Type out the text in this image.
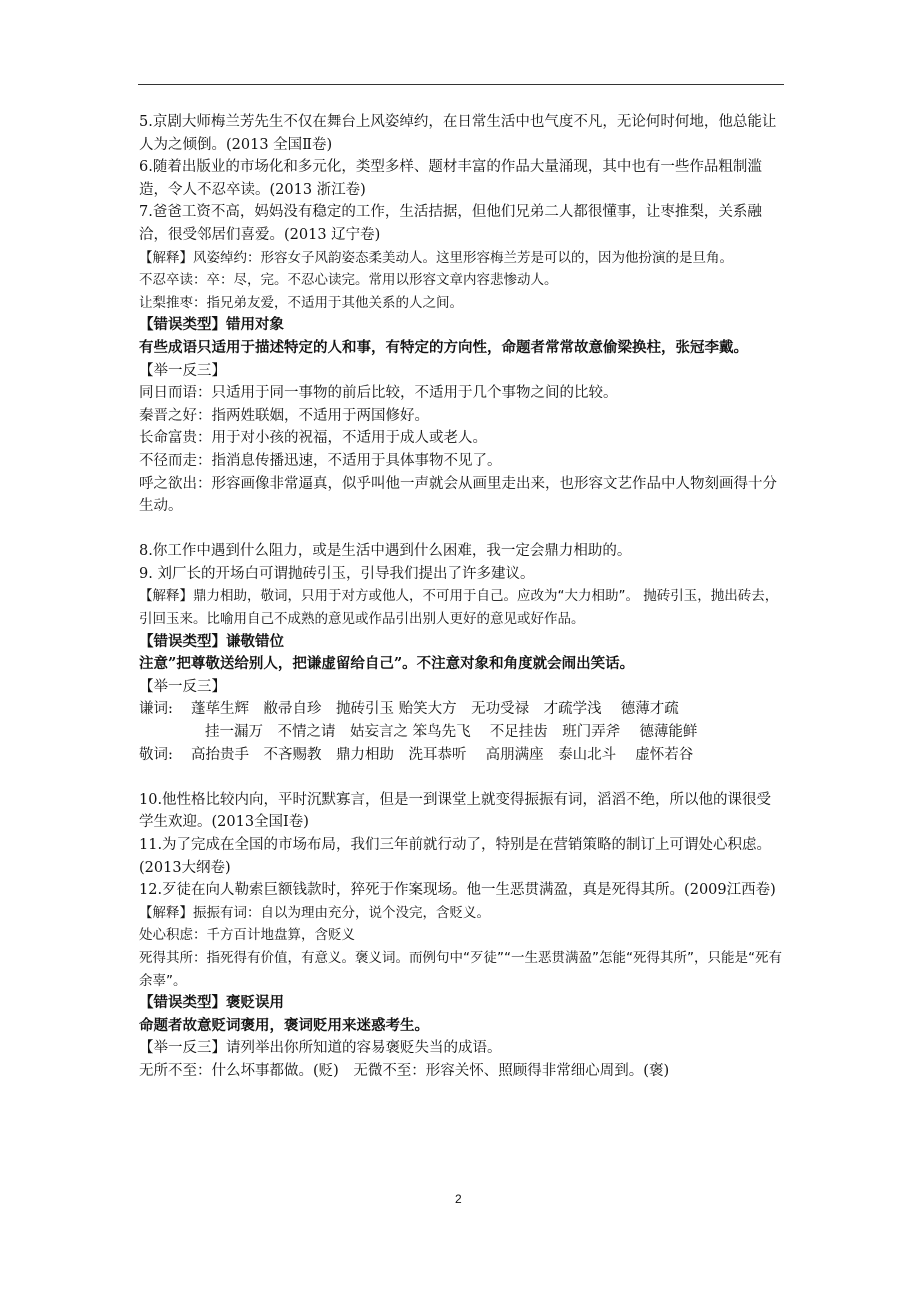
5.京剧大师梅兰芳先生不仅在舞台上风姿绰约，在日常生活中也气度不凡，无论何时何地，他总能让人为之倾倒。(2013 全国Ⅱ卷)

6.随着出版业的市场化和多元化，类型多样、题材丰富的作品大量涌现，其中也有一些作品粗制滥造，令人不忍卒读。(2013 浙江卷)

7.爸爸工资不高，妈妈没有稳定的工作，生活拮据，但他们兄弟二人都很懂事，让枣推梨，关系融洽，很受邻居们喜爱。(2013 辽宁卷)

【解释】风姿绰约：形容女子风韵姿态柔美动人。这里形容梅兰芳是可以的，因为他扮演的是旦角。

不忍卒读：卒：尽，完。不忍心读完。常用以形容文章内容悲惨动人。

让梨推枣：指兄弟友爱，不适用于其他关系的人之间。

【错误类型】错用对象

有些成语只适用于描述特定的人和事，有特定的方向性，命题者常常故意偷梁换柱，张冠李戴。

【举一反三】

同日而语：只适用于同一事物的前后比较，不适用于几个事物之间的比较。

秦晋之好：指两姓联姻，不适用于两国修好。

长命富贵：用于对小孩的祝福，不适用于成人或老人。

不径而走：指消息传播迅速，不适用于具体事物不见了。

呼之欲出：形容画像非常逼真，似乎叫他一声就会从画里走出来，也形容文艺作品中人物刻画得十分生动。

8.你工作中遇到什么阻力，或是生活中遇到什么困难，我一定会鼎力相助的。

9. 刘厂长的开场白可谓抛砖引玉，引导我们提出了许多建议。

【解释】鼎力相助，敬词，只用于对方或他人，不可用于自己。应改为“大力相助”。 抛砖引玉，抛出砖去，引回玉来。比喻用自己不成熟的意见或作品引出别人更好的意见或好作品。

【错误类型】谦敬错位

注意”把尊敬送给别人，把谦虚留给自己”。不注意对象和角度就会闹出笑话。

【举一反三】

谦词: 蓬荜生辉　敝帚自珍　抛砖引玉 贻笑大方　无功受禄　才疏学浅　 德薄才疏
挂一漏万　不情之请　姑妄言之 笨鸟先飞　 不足挂齿　班门弄斧　 德薄能鲜
敬词: 高抬贵手　不吝赐教　鼎力相助　洗耳恭听　 高朋满座　泰山北斗　 虚怀若谷

10.他性格比较内向，平时沉默寡言，但是一到课堂上就变得振振有词，滔滔不绝，所以他的课很受学生欢迎。(2013全国Ⅰ卷)

11.为了完成在全国的市场布局，我们三年前就行动了，特别是在营销策略的制订上可谓处心积虑。(2013大纲卷)

12.歹徒在向人勒索巨额钱款时，猝死于作案现场。他一生恶贯满盈，真是死得其所。(2009江西卷)

【解释】振振有词：自以为理由充分，说个没完，含贬义。

处心积虑：千方百计地盘算，含贬义

死得其所：指死得有价值，有意义。褒义词。而例句中“歹徒”“一生恶贯满盈”怎能“死得其所”，只能是“死有余辜”。

【错误类型】褒贬误用

命题者故意贬词褒用，褒词贬用来迷惑考生。

【举一反三】请列举出你所知道的容易褒贬失当的成语。

无所不至：什么坏事都做。(贬)　无微不至：形容关怀、照顾得非常细心周到。(褒)

2
